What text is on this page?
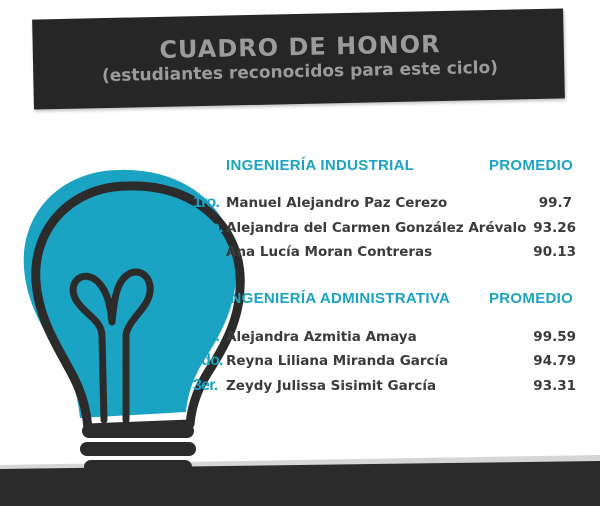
CUADRO DE HONOR
(estudiantes reconocidos para este ciclo)
INGENIERÍA INDUSTRIAL	PROMEDIO
1ro. Manuel Alejandro Paz Cerezo	99.7
2do. Alejandra del Carmen González Arévalo 93.26
3er. Ana Lucía Moran Contreras	90.13
INGENIERÍA ADMINISTRATIVA	PROMEDIO
1ro. Alejandra Azmitia Amaya	99.59
2do. Reyna Liliana Miranda García	94.79
3er. Zeydy Julissa Sisimit García	93.31
